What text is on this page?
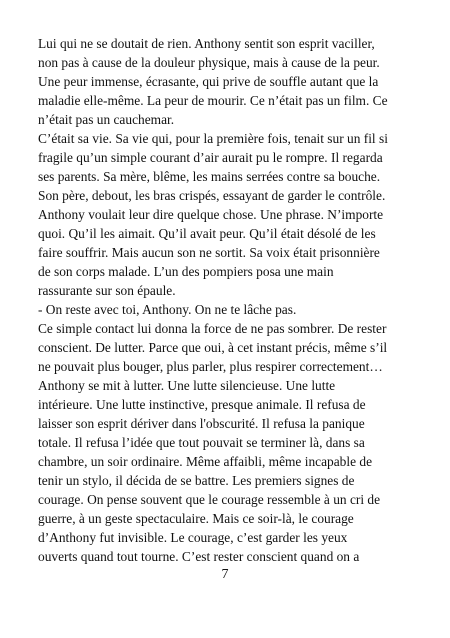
Lui qui ne se doutait de rien. Anthony sentit son esprit vaciller,
non pas à cause de la douleur physique, mais à cause de la peur.
Une peur immense, écrasante, qui prive de souffle autant que la
maladie elle-même. La peur de mourir. Ce n’était pas un film. Ce
n’était pas un cauchemar.
C’était sa vie. Sa vie qui, pour la première fois, tenait sur un fil si
fragile qu’un simple courant d’air aurait pu le rompre. Il regarda
ses parents. Sa mère, blême, les mains serrées contre sa bouche.
Son père, debout, les bras crispés, essayant de garder le contrôle.
Anthony voulait leur dire quelque chose. Une phrase. N’importe
quoi. Qu’il les aimait. Qu’il avait peur. Qu’il était désolé de les
faire souffrir. Mais aucun son ne sortit. Sa voix était prisonnière
de son corps malade. L’un des pompiers posa une main
rassurante sur son épaule.
- On reste avec toi, Anthony. On ne te lâche pas.
Ce simple contact lui donna la force de ne pas sombrer. De rester
conscient. De lutter. Parce que oui, à cet instant précis, même s’il
ne pouvait plus bouger, plus parler, plus respirer correctement…
Anthony se mit à lutter. Une lutte silencieuse. Une lutte
intérieure. Une lutte instinctive, presque animale. Il refusa de
laisser son esprit dériver dans l'obscurité. Il refusa la panique
totale. Il refusa l’idée que tout pouvait se terminer là, dans sa
chambre, un soir ordinaire. Même affaibli, même incapable de
tenir un stylo, il décida de se battre. Les premiers signes de
courage. On pense souvent que le courage ressemble à un cri de
guerre, à un geste spectaculaire. Mais ce soir-là, le courage
d’Anthony fut invisible. Le courage, c’est garder les yeux
ouverts quand tout tourne. C’est rester conscient quand on a
7
